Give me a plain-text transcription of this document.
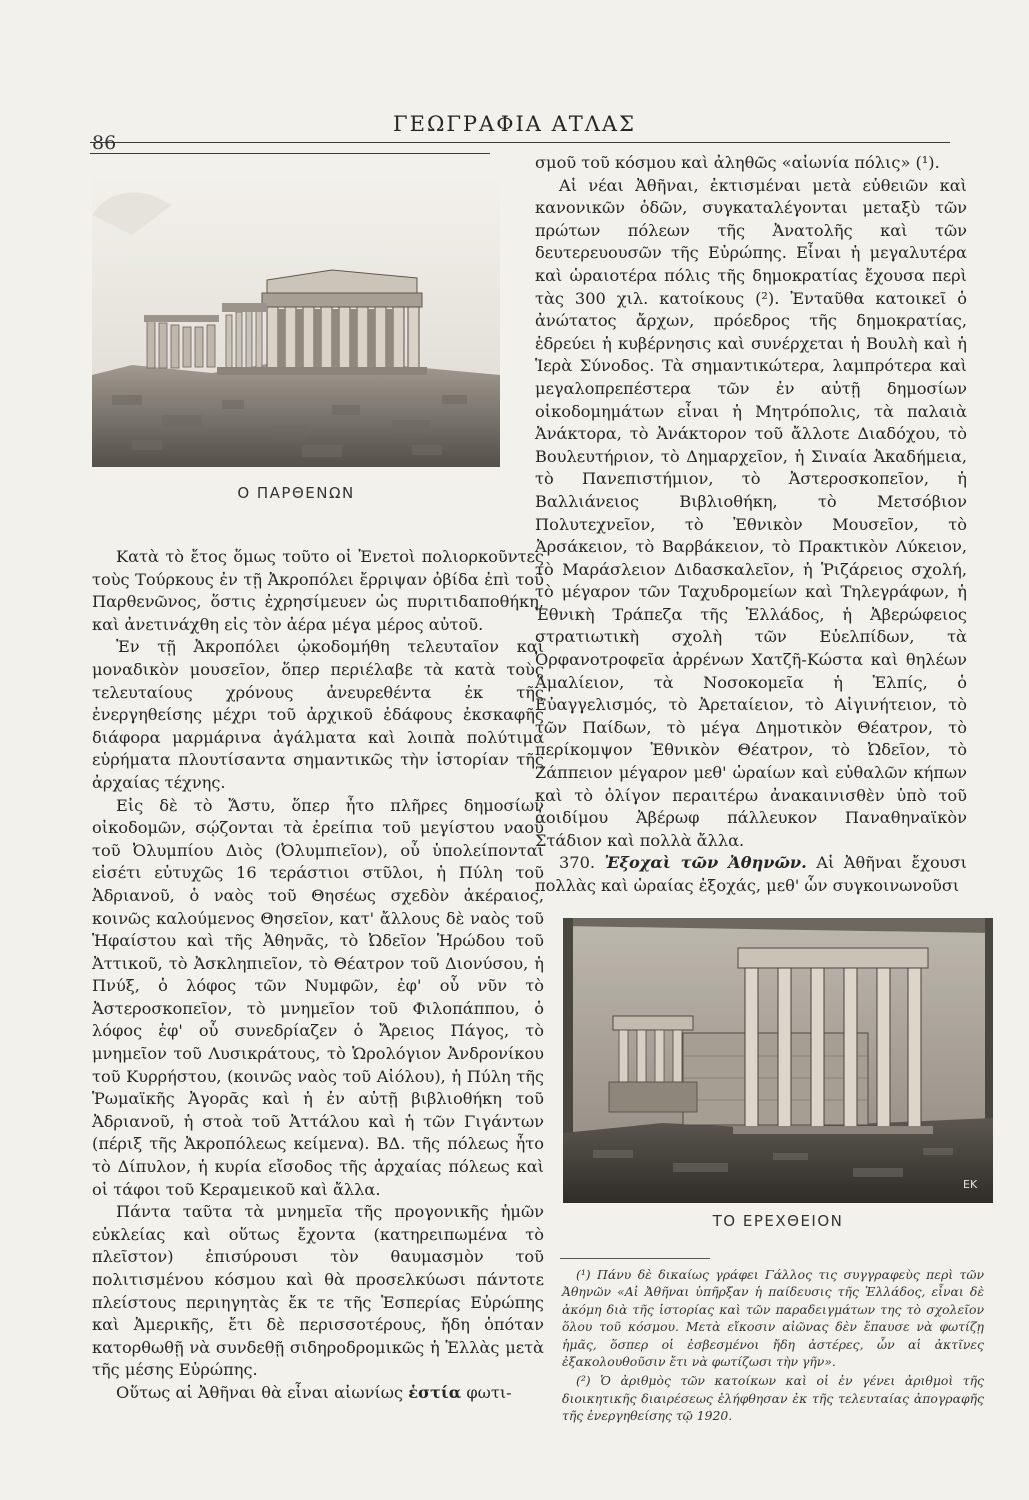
86
ΓΕΩΓΡΑΦΙΑ ΑΤΛΑΣ
Ο ΠΑΡΘΕΝΩΝ

Κατὰ τὸ ἔτος ὅμως τοῦτο οἱ Ἑνετοὶ πολιορκοῦντες τοὺς Τούρκους ἐν τῇ Ἀκροπόλει ἔρριψαν ὀβίδα ἐπὶ τοῦ Παρθενῶνος, ὅστις ἐχρησίμευεν ὡς πυριτιδαποθήκη, καὶ ἀνετινάχθη εἰς τὸν ἀέρα μέγα μέρος αὐτοῦ.

Ἐν τῇ Ἀκροπόλει ᾠκοδομήθη τελευταῖον καὶ μοναδικὸν μουσεῖον, ὅπερ περιέλαβε τὰ κατὰ τοὺς τελευταίους χρόνους ἀνευρεθέντα ἐκ τῆς ἐνεργηθείσης μέχρι τοῦ ἀρχικοῦ ἐδάφους ἐκσκαφῆς διάφορα μαρμάρινα ἀγάλματα καὶ λοιπὰ πολύτιμα εὑρήματα πλουτίσαντα σημαντικῶς τὴν ἱστορίαν τῆς ἀρχαίας τέχνης.

Εἰς δὲ τὸ Ἄστυ, ὅπερ ἦτο πλῆρες δημοσίων οἰκοδομῶν, σῴζονται τὰ ἐρείπια τοῦ μεγίστου ναοῦ τοῦ Ὀλυμπίου Διὸς (Ὀλυμπιεῖον), οὗ ὑπολείπονται εἰσέτι εὐτυχῶς 16 τεράστιοι στῦλοι, ἡ Πύλη τοῦ Ἀδριανοῦ, ὁ ναὸς τοῦ Θησέως σχεδὸν ἀκέραιος, κοινῶς καλούμενος Θησεῖον, κατ' ἄλλους δὲ ναὸς τοῦ Ἡφαίστου καὶ τῆς Ἀθηνᾶς, τὸ Ὠδεῖον Ἡρώδου τοῦ Ἀττικοῦ, τὸ Ἀσκληπιεῖον, τὸ Θέατρον τοῦ Διονύσου, ἡ Πνύξ, ὁ λόφος τῶν Νυμφῶν, ἐφ' οὗ νῦν τὸ Ἀστεροσκοπεῖον, τὸ μνημεῖον τοῦ Φιλοπάππου, ὁ λόφος ἐφ' οὗ συνεδρίαζεν ὁ Ἄρειος Πάγος, τὸ μνημεῖον τοῦ Λυσικράτους, τὸ Ὡρολόγιον Ἀνδρονίκου τοῦ Κυρρήστου, (κοινῶς ναὸς τοῦ Αἰόλου), ἡ Πύλη τῆς Ῥωμαϊκῆς Ἀγορᾶς καὶ ἡ ἐν αὐτῇ βιβλιοθήκη τοῦ Ἀδριανοῦ, ἡ στοὰ τοῦ Ἀττάλου καὶ ἡ τῶν Γιγάντων (πέριξ τῆς Ἀκροπόλεως κείμενα). ΒΔ. τῆς πόλεως ἦτο τὸ Δίπυλον, ἡ κυρία εἴσοδος τῆς ἀρχαίας πόλεως καὶ οἱ τάφοι τοῦ Κεραμεικοῦ καὶ ἄλλα.

Πάντα ταῦτα τὰ μνημεῖα τῆς προγονικῆς ἡμῶν εὐκλείας καὶ οὕτως ἔχοντα (κατηρειπωμένα τὸ πλεῖστον) ἐπισύρουσι τὸν θαυμασμὸν τοῦ πολιτισμένου κόσμου καὶ θὰ προσελκύωσι πάντοτε πλείστους περιηγητὰς ἔκ τε τῆς Ἑσπερίας Εὐρώπης καὶ Ἀμερικῆς, ἔτι δὲ περισσοτέρους, ἤδη ὁπόταν κατορθωθῇ νὰ συνδεθῇ σιδηροδρομικῶς ἡ Ἑλλὰς μετὰ τῆς μέσης Εὐρώπης.

Οὕτως αἱ Ἀθῆναι θὰ εἶναι αἰωνίως ἑστία φωτι-

σμοῦ τοῦ κόσμου καὶ ἀληθῶς «αἰωνία πόλις» (¹).

Αἱ νέαι Ἀθῆναι, ἐκτισμέναι μετὰ εὐθειῶν καὶ κανονικῶν ὁδῶν, συγκαταλέγονται μεταξὺ τῶν πρώτων πόλεων τῆς Ἀνατολῆς καὶ τῶν δευτερευουσῶν τῆς Εὐρώπης. Εἶναι ἡ μεγαλυτέρα καὶ ὡραιοτέρα πόλις τῆς δημοκρατίας ἔχουσα περὶ τὰς 300 χιλ. κατοίκους (²). Ἐνταῦθα κατοικεῖ ὁ ἀνώτατος ἄρχων, πρόεδρος τῆς δημοκρατίας, ἑδρεύει ἡ κυβέρνησις καὶ συνέρχεται ἡ Βουλὴ καὶ ἡ Ἱερὰ Σύνοδος. Τὰ σημαντικώτερα, λαμπρότερα καὶ μεγαλοπρεπέστερα τῶν ἐν αὐτῇ δημοσίων οἰκοδομημάτων εἶναι ἡ Μητρόπολις, τὰ παλαιὰ Ἀνάκτορα, τὸ Ἀνάκτορον τοῦ ἄλλοτε Διαδόχου, τὸ Βουλευτήριον, τὸ Δημαρχεῖον, ἡ Σιναία Ἀκαδήμεια, τὸ Πανεπιστήμιον, τὸ Ἀστεροσκοπεῖον, ἡ Βαλλιάνειος Βιβλιοθήκη, τὸ Μετσόβιον Πολυτεχνεῖον, τὸ Ἐθνικὸν Μουσεῖον, τὸ Ἀρσάκειον, τὸ Βαρβάκειον, τὸ Πρακτικὸν Λύκειον, τὸ Μαράσλειον Διδασκαλεῖον, ἡ Ῥιζάρειος σχολή, τὸ μέγαρον τῶν Ταχυδρομείων καὶ Τηλεγράφων, ἡ Ἐθνικὴ Τράπεζα τῆς Ἑλλάδος, ἡ Ἀβερώφειος στρατιωτικὴ σχολὴ τῶν Εὐελπίδων, τὰ Ὀρφανοτροφεῖα ἀρρένων Χατζῆ-Κώστα καὶ θηλέων Ἀμαλίειον, τὰ Νοσοκομεῖα ἡ Ἐλπίς, ὁ Εὐαγγελισμός, τὸ Ἀρεταίειον, τὸ Αἰγινήτειον, τὸ τῶν Παίδων, τὸ μέγα Δημοτικὸν Θέατρον, τὸ περίκομψον Ἐθνικὸν Θέατρον, τὸ Ὠδεῖον, τὸ Ζάππειον μέγαρον μεθ' ὡραίων καὶ εὐθαλῶν κήπων καὶ τὸ ὀλίγον περαιτέρω ἀνακαινισθὲν ὑπὸ τοῦ ἀοιδίμου Ἀβέρωφ πάλλευκον Παναθηναϊκὸν Στάδιον καὶ πολλὰ ἄλλα.

370. Ἐξοχαὶ τῶν Ἀθηνῶν. Αἱ Ἀθῆναι ἔχουσι πολλὰς καὶ ὡραίας ἐξοχάς, μεθ' ὧν συγκοινωνοῦσι

ΕΚ
ΤΟ ΕΡΕΧΘΕΙΟΝ

(¹) Πάνυ δὲ δικαίως γράφει Γάλλος τις συγγραφεὺς περὶ τῶν Ἀθηνῶν «Αἱ Ἀθῆναι ὑπῆρξαν ἡ παίδευσις τῆς Ἑλλάδος, εἶναι δὲ ἀκόμη διὰ τῆς ἱστορίας καὶ τῶν παραδειγμάτων της τὸ σχολεῖον ὅλου τοῦ κόσμου. Μετὰ εἴκοσιν αἰῶνας δὲν ἔπαυσε νὰ φωτίζῃ ἡμᾶς, ὅσπερ οἱ ἐσβεσμένοι ἤδη ἀστέρες, ὧν αἱ ἀκτῖνες ἐξακολουθοῦσιν ἔτι νὰ φωτίζωσι τὴν γῆν».

(²) Ὁ ἀριθμὸς τῶν κατοίκων καὶ οἱ ἐν γένει ἀριθμοὶ τῆς διοικητικῆς διαιρέσεως ἐλήφθησαν ἐκ τῆς τελευταίας ἀπογραφῆς τῆς ἐνεργηθείσης τῷ 1920.
